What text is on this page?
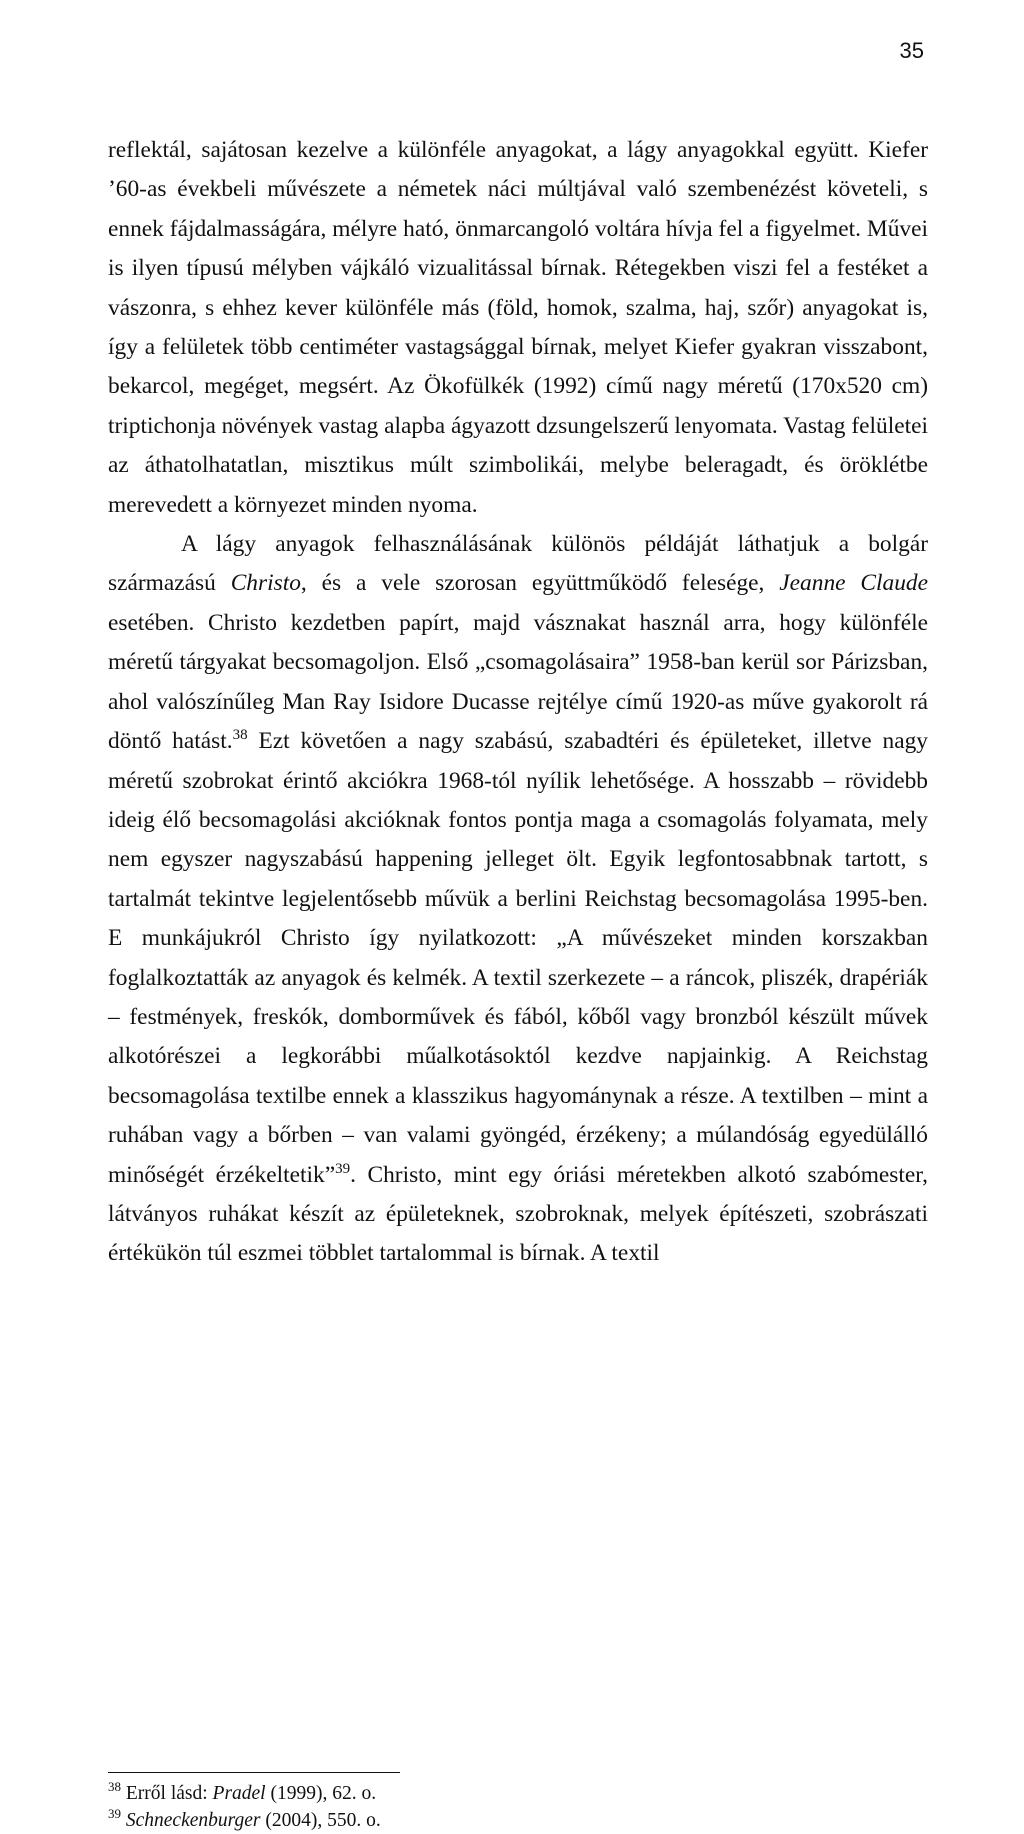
35

reflektál, sajátosan kezelve a különféle anyagokat, a lágy anyagokkal együtt. Kiefer ’60-as évekbeli művészete a németek náci múltjával való szembenézést követeli, s ennek fájdalmasságára, mélyre ható, önmarcangoló voltára hívja fel a figyelmet. Művei is ilyen típusú mélyben vájkáló vizualitással bírnak. Rétegekben viszi fel a festéket a vászonra, s ehhez kever különféle más (föld, homok, szalma, haj, szőr) anyagokat is, így a felületek több centiméter vastagsággal bírnak, melyet Kiefer gyakran visszabont, bekarcol, megéget, megsért. Az Ökofülkék (1992) című nagy méretű (170x520 cm) triptichonja növények vastag alapba ágyazott dzsungelszerű lenyomata. Vastag felületei az áthatolhatatlan, misztikus múlt szimbolikái, melybe beleragadt, és öröklétbe merevedett a környezet minden nyoma.

A lágy anyagok felhasználásának különös példáját láthatjuk a bolgár származású Christo, és a vele szorosan együttműködő felesége, Jeanne Claude esetében. Christo kezdetben papírt, majd vásznakat használ arra, hogy különféle méretű tárgyakat becsomagoljon. Első „csomagolásaira” 1958-ban kerül sor Párizsban, ahol valószínűleg Man Ray Isidore Ducasse rejtélye című 1920-as műve gyakorolt rá döntő hatást.$^{38}$ Ezt követően a nagy szabású, szabadtéri és épületeket, illetve nagy méretű szobrokat érintő akciókra 1968-tól nyílik lehetősége. A hosszabb – rövidebb ideig élő becsomagolási akcióknak fontos pontja maga a csomagolás folyamata, mely nem egyszer nagyszabású happening jelleget ölt. Egyik legfontosabbnak tartott, s tartalmát tekintve legjelentősebb művük a berlini Reichstag becsomagolása 1995-ben. E munkájukról Christo így nyilatkozott: „A művészeket minden korszakban foglalkoztatták az anyagok és kelmék. A textil szerkezete – a ráncok, pliszék, drapériák – festmények, freskók, domborművek és fából, kőből vagy bronzból készült művek alkotórészei a legkorábbi műalkotásoktól kezdve napjainkig. A Reichstag becsomagolása textilbe ennek a klasszikus hagyománynak a része. A textilben – mint a ruhában vagy a bőrben – van valami gyöngéd, érzékeny; a múlandóság egyedülálló minőségét érzékeltetik”$^{39}$. Christo, mint egy óriási méretekben alkotó szabómester, látványos ruhákat készít az épületeknek, szobroknak, melyek építészeti, szobrászati értékükön túl eszmei többlet tartalommal is bírnak. A textil

$^{38}$ Erről lásd: Pradel (1999), 62. o.

$^{39}$ Schneckenburger (2004), 550. o.
